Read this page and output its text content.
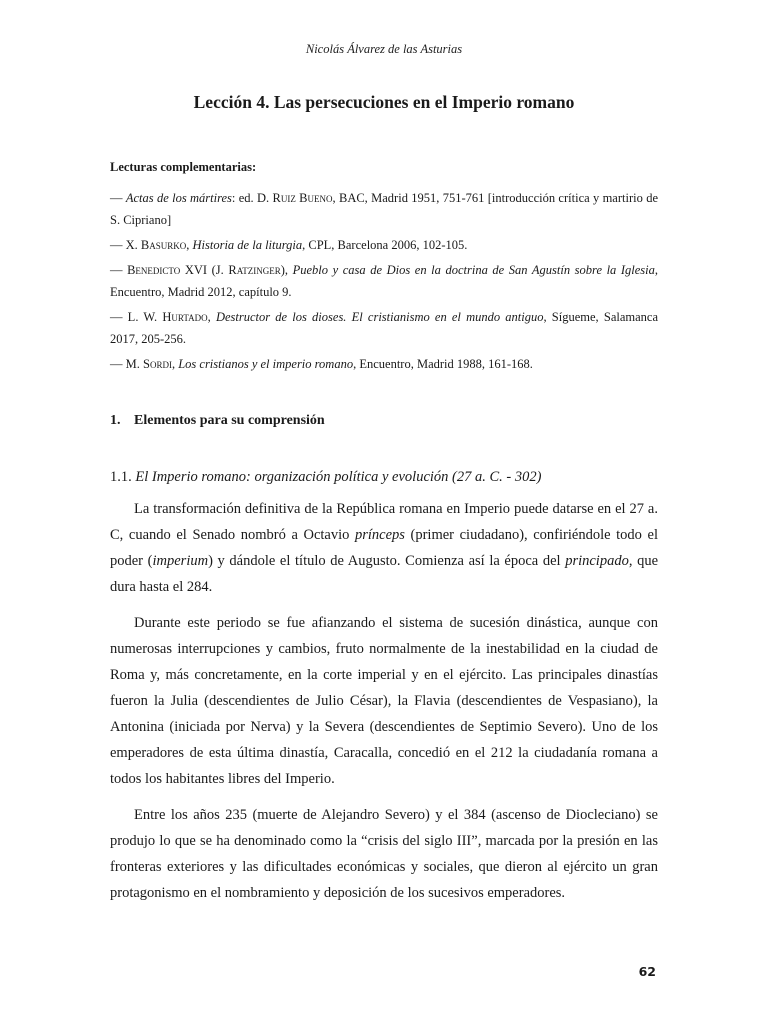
Nicolás Álvarez de las Asturias
Lección 4. Las persecuciones en el Imperio romano

Lecturas complementarias:

— Actas de los mártires: ed. D. Ruiz Bueno, BAC, Madrid 1951, 751-761 [introducción crítica y martirio de S. Cipriano]
— X. Basurko, Historia de la liturgia, CPL, Barcelona 2006, 102-105.
— Benedicto XVI (J. Ratzinger), Pueblo y casa de Dios en la doctrina de San Agustín sobre la Iglesia, Encuentro, Madrid 2012, capítulo 9.
— L. W. Hurtado, Destructor de los dioses. El cristianismo en el mundo antiguo, Sígueme, Salamanca 2017, 205-256.
— M. Sordi, Los cristianos y el imperio romano, Encuentro, Madrid 1988, 161-168.
1. Elementos para su comprensión
1.1. El Imperio romano: organización política y evolución (27 a. C. - 302)

La transformación definitiva de la República romana en Imperio puede datarse en el 27 a. C, cuando el Senado nombró a Octavio prínceps (primer ciudadano), confiriéndole todo el poder (imperium) y dándole el título de Augusto. Comienza así la época del principado, que dura hasta el 284.

Durante este periodo se fue afianzando el sistema de sucesión dinástica, aunque con numerosas interrupciones y cambios, fruto normalmente de la inestabilidad en la ciudad de Roma y, más concretamente, en la corte imperial y en el ejército. Las principales dinastías fueron la Julia (descendientes de Julio César), la Flavia (descendientes de Vespasiano), la Antonina (iniciada por Nerva) y la Severa (descendientes de Septimio Severo). Uno de los emperadores de esta última dinastía, Caracalla, concedió en el 212 la ciudadanía romana a todos los habitantes libres del Imperio.

Entre los años 235 (muerte de Alejandro Severo) y el 384 (ascenso de Diocleciano) se produjo lo que se ha denominado como la “crisis del siglo III”, marcada por la presión en las fronteras exteriores y las dificultades económicas y sociales, que dieron al ejército un gran protagonismo en el nombramiento y deposición de los sucesivos emperadores.

62
